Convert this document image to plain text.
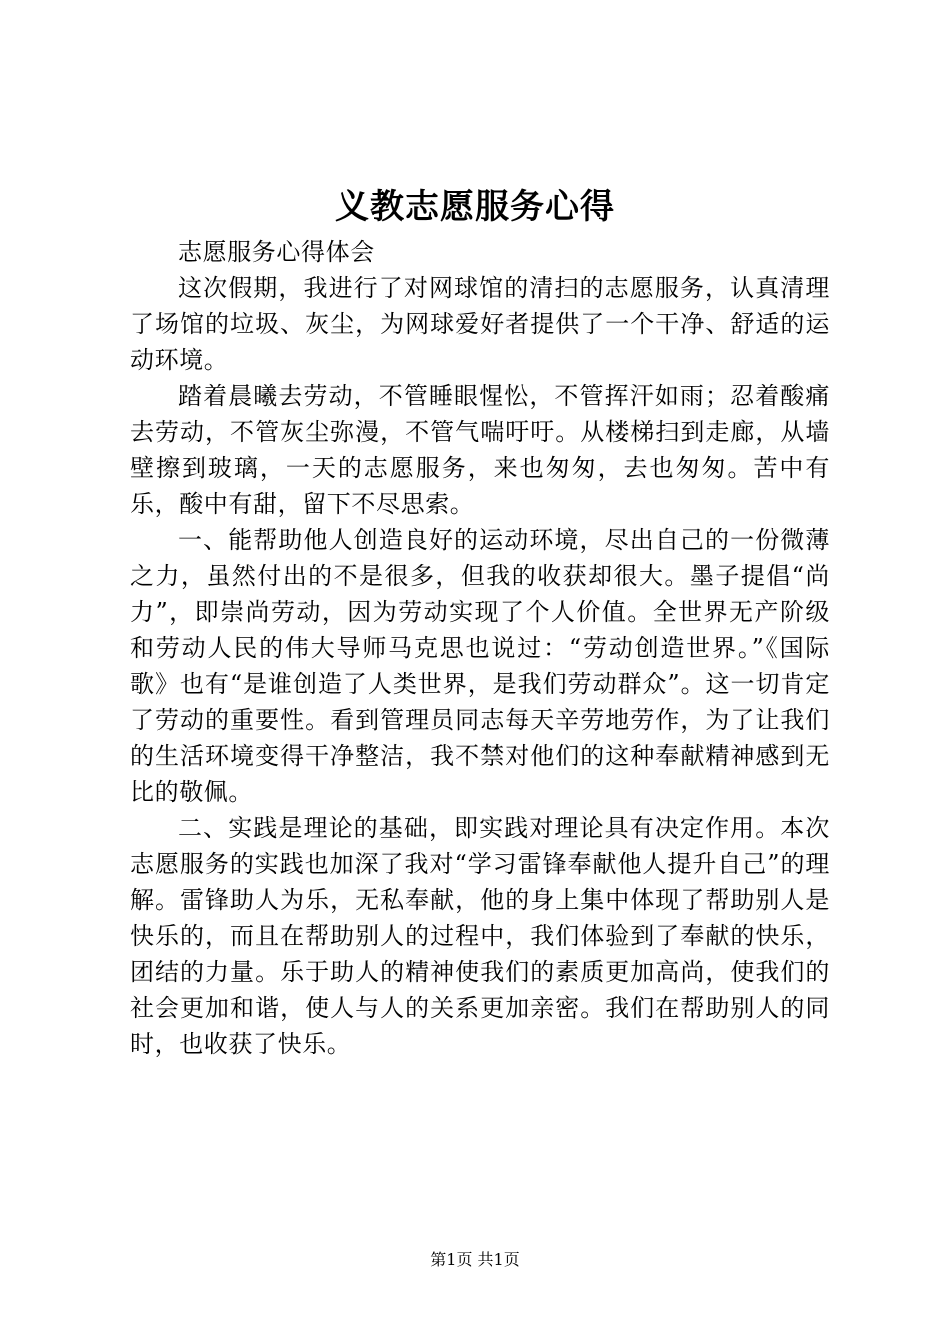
义教志愿服务心得

志愿服务心得体会

这次假期，我进行了对网球馆的清扫的志愿服务，认真清理了场馆的垃圾、灰尘，为网球爱好者提供了一个干净、舒适的运动环境。

踏着晨曦去劳动，不管睡眼惺忪，不管挥汗如雨；忍着酸痛去劳动，不管灰尘弥漫，不管气喘吁吁。从楼梯扫到走廊，从墙壁擦到玻璃，一天的志愿服务，来也匆匆，去也匆匆。苦中有乐，酸中有甜，留下不尽思索。

一、能帮助他人创造良好的运动环境，尽出自己的一份微薄之力，虽然付出的不是很多，但我的收获却很大。墨子提倡“尚力”，即崇尚劳动，因为劳动实现了个人价值。全世界无产阶级和劳动人民的伟大导师马克思也说过：“劳动创造世界。”《国际歌》也有“是谁创造了人类世界，是我们劳动群众”。这一切肯定了劳动的重要性。看到管理员同志每天辛劳地劳作，为了让我们的生活环境变得干净整洁，我不禁对他们的这种奉献精神感到无比的敬佩。

二、实践是理论的基础，即实践对理论具有决定作用。本次志愿服务的实践也加深了我对“学习雷锋奉献他人提升自己”的理解。雷锋助人为乐，无私奉献，他的身上集中体现了帮助别人是快乐的，而且在帮助别人的过程中，我们体验到了奉献的快乐，团结的力量。乐于助人的精神使我们的素质更加高尚，使我们的社会更加和谐，使人与人的关系更加亲密。我们在帮助别人的同时，也收获了快乐。

第1页 共1页
